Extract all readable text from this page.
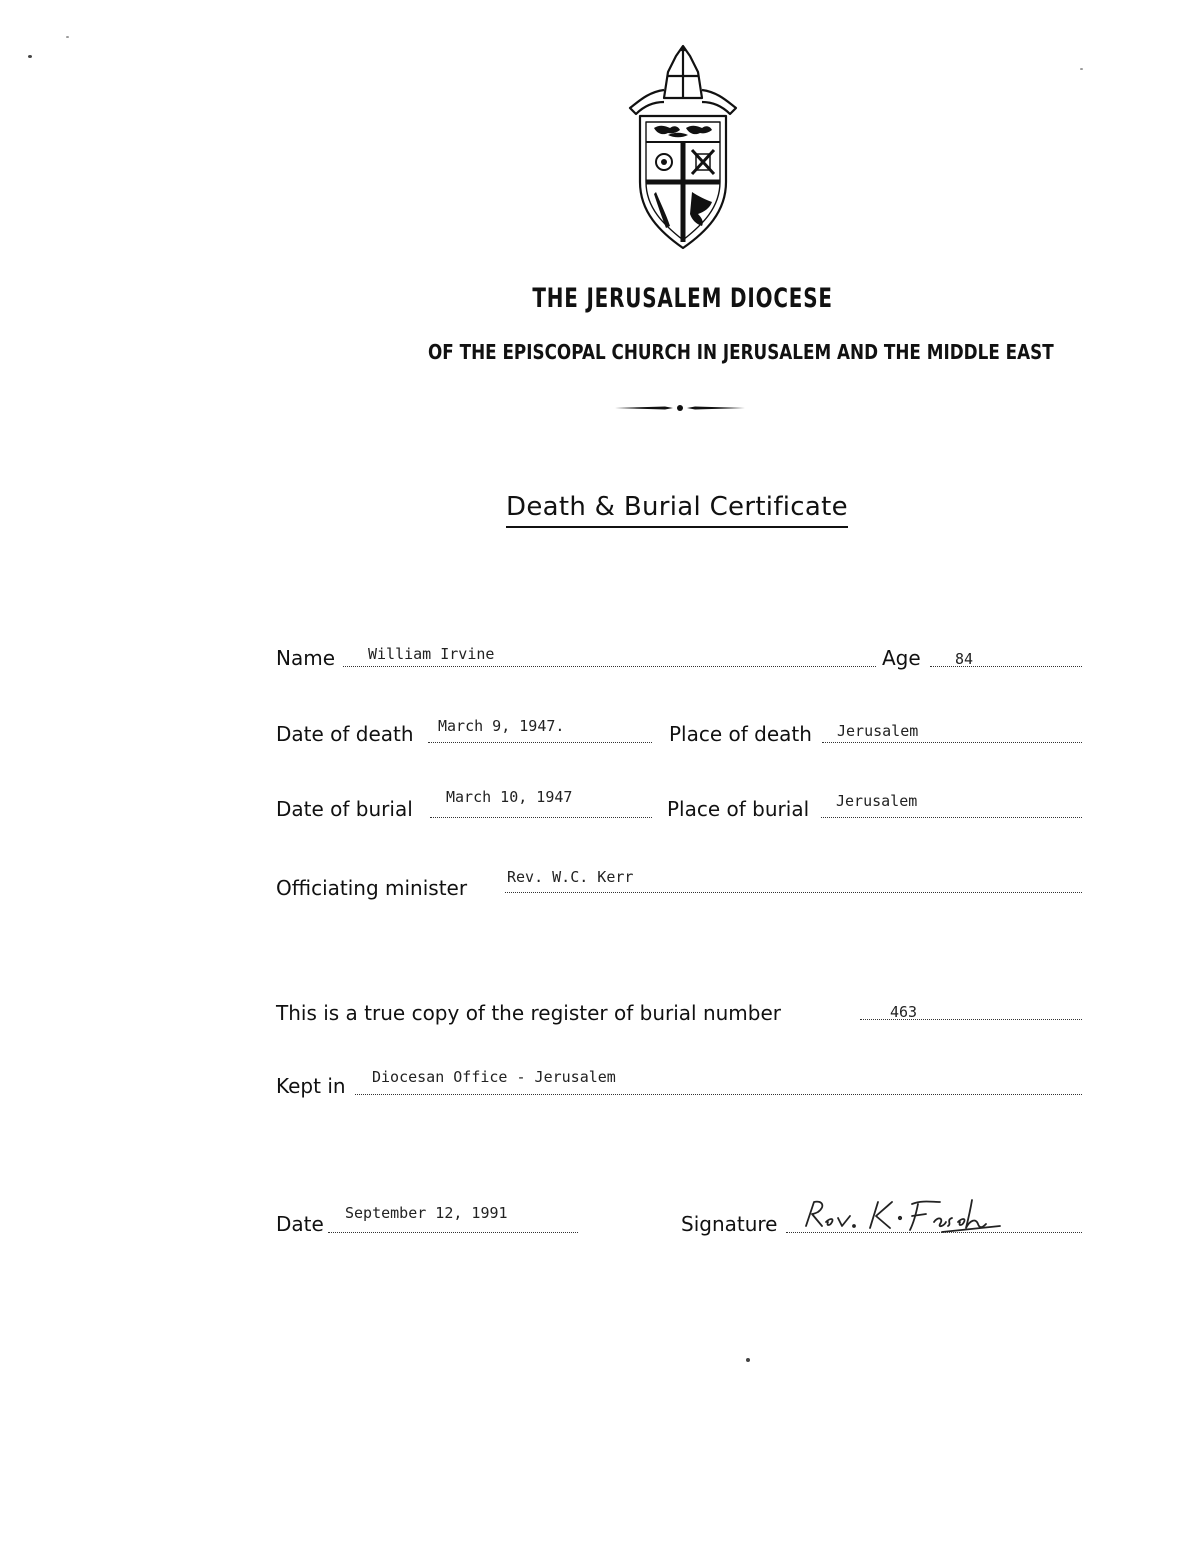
THE JERUSALEM DIOCESE
OF THE EPISCOPAL CHURCH IN JERUSALEM AND THE MIDDLE EAST
Death & Burial Certificate
Name William Irvine	Age 84
Date of death March 9, 1947.	Place of death Jerusalem
Date of burial March 10, 1947	Place of burial Jerusalem
Officiating minister	Rev. W.C. Kerr
This is a true copy of the register of burial number	463
Kept in Diocesan Office - Jerusalem
Date September 12, 1991	Signature
